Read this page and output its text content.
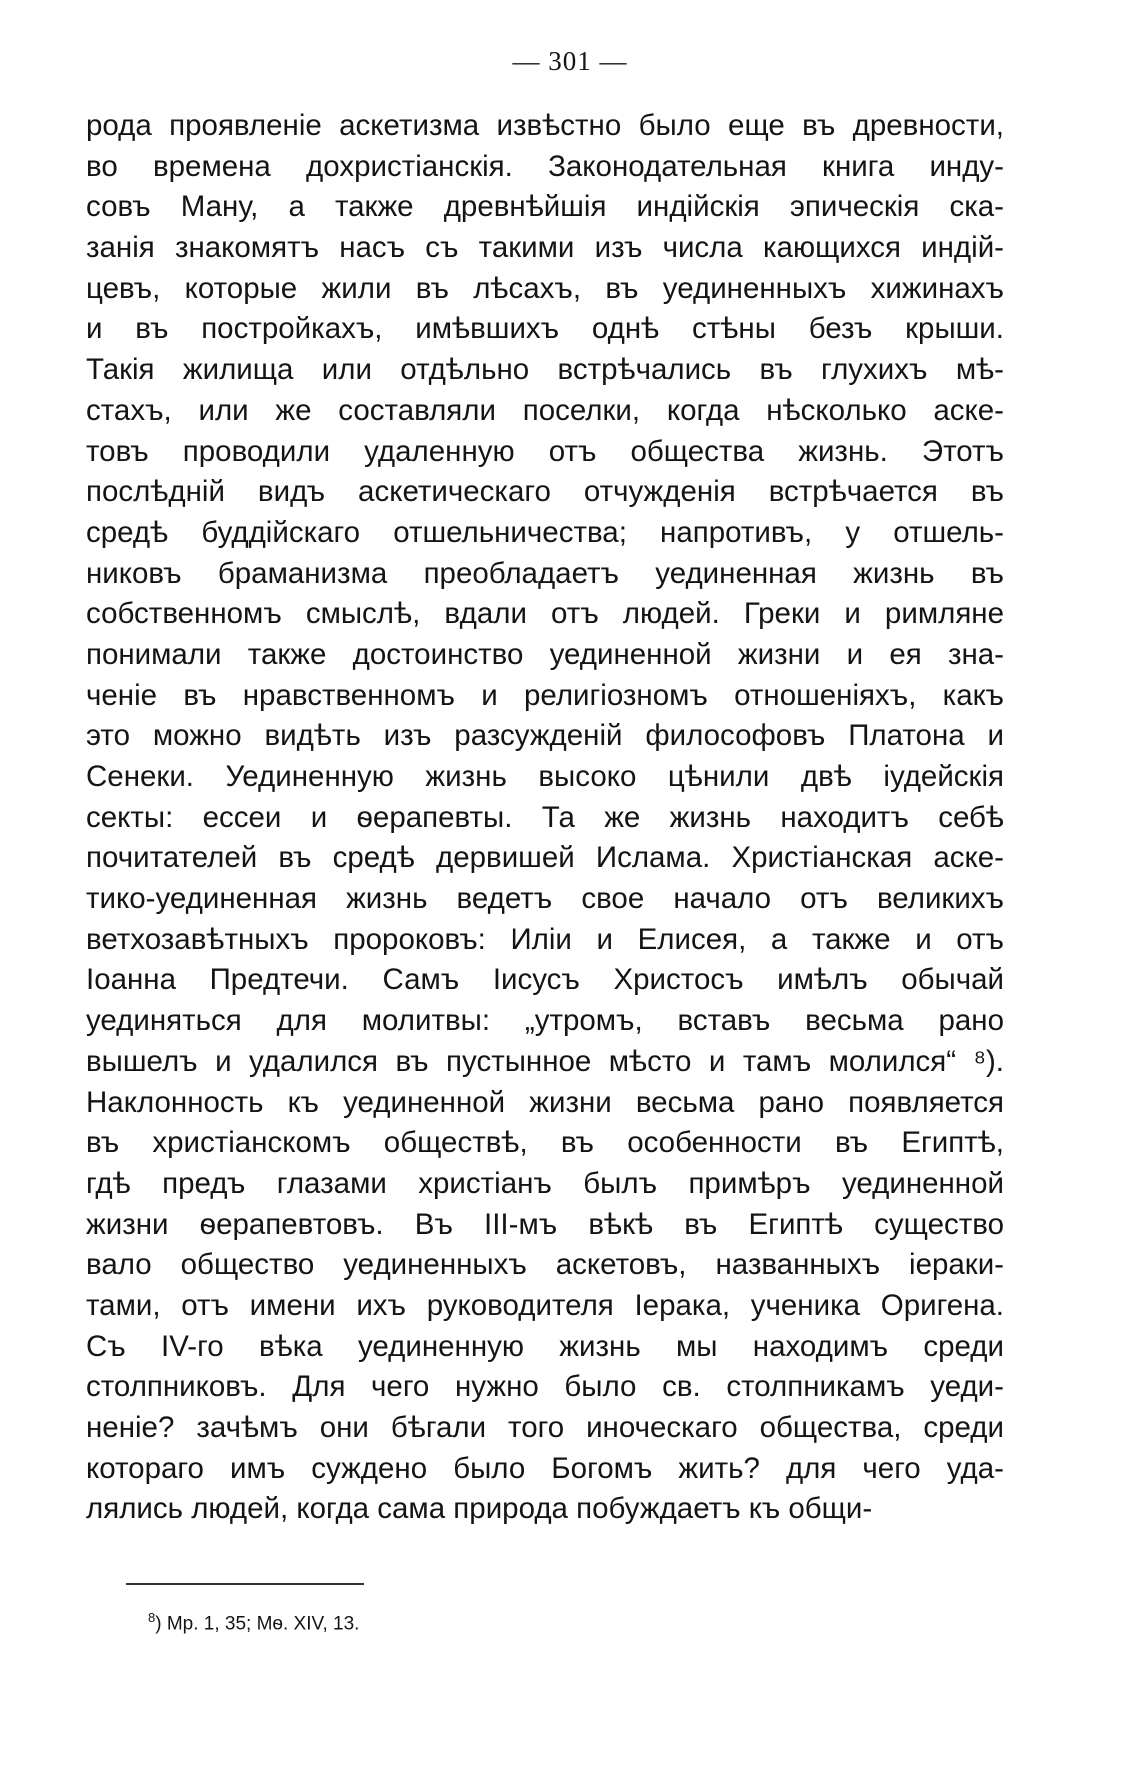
— 301 —
рода проявленіе аскетизма извѣстно было еще въ древности,
во времена дохристіанскія. Законодательная книга инду-
совъ Ману, а также древнѣйшія индійскія эпическія ска-
занія знакомятъ насъ съ такими изъ числа кающихся индій-
цевъ, которые жили въ лѣсахъ, въ уединенныхъ хижинахъ
и въ постройкахъ, имѣвшихъ однѣ стѣны безъ крыши.
Такія жилища или отдѣльно встрѣчались въ глухихъ мѣ-
стахъ, или же составляли поселки, когда нѣсколько аске-
товъ проводили удаленную отъ общества жизнь. Этотъ
послѣдній видъ аскетическаго отчужденія встрѣчается въ
средѣ буддійскаго отшельничества; напротивъ, у отшель-
никовъ браманизма преобладаетъ уединенная жизнь въ
собственномъ смыслѣ, вдали отъ людей. Греки и римляне
понимали также достоинство уединенной жизни и ея зна-
ченіе въ нравственномъ и религіозномъ отношеніяхъ, какъ
это можно видѣть изъ разсужденій философовъ Платона и
Сенеки. Уединенную жизнь высоко цѣнили двѣ іудейскія
секты: ессеи и ѳерапевты. Та же жизнь находитъ себѣ
почитателей въ средѣ дервишей Ислама. Христіанская аске-
тико-уединенная жизнь ведетъ свое начало отъ великихъ
ветхозавѣтныхъ пророковъ: Иліи и Елисея, а также и отъ
Іоанна Предтечи. Самъ Іисусъ Христосъ имѣлъ обычай
уединяться для молитвы: „утромъ, вставъ весьма рано
вышелъ и удалился въ пустынное мѣсто и тамъ молился“ ⁸).
Наклонность къ уединенной жизни весьма рано появляется
въ христіанскомъ обществѣ, въ особенности въ Египтѣ,
гдѣ предъ глазами христіанъ былъ примѣръ уединенной
жизни ѳерапевтовъ. Въ III-мъ вѣкѣ въ Египтѣ существо
вало общество уединенныхъ аскетовъ, названныхъ іераки-
тами, отъ имени ихъ руководителя Іерака, ученика Оригена.
Съ IV-го вѣка уединенную жизнь мы находимъ среди
столпниковъ. Для чего нужно было св. столпникамъ уеди-
неніе? зачѣмъ они бѣгали того иноческаго общества, среди
котораго имъ суждено было Богомъ жить? для чего уда-
лялись людей, когда сама природа побуждаетъ къ общи-
$^8$) Мр. 1, 35; Мѳ. XIV, 13.
